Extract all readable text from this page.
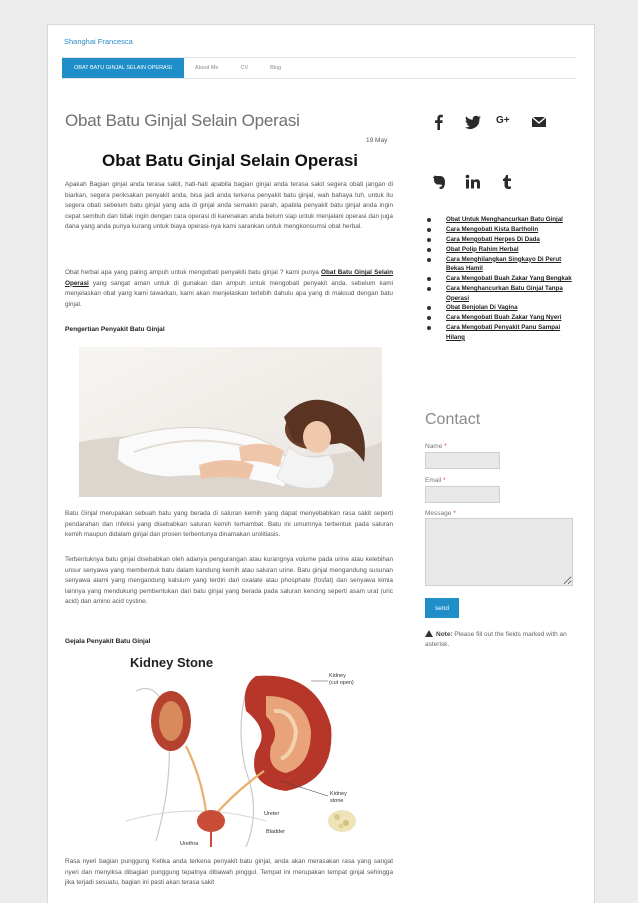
Shanghai Francesca
OBAT BATU GINJAL SELAIN OPERASI	About Me	CV	Blog
Obat Batu Ginjal Selain Operasi
19 May
Obat Batu Ginjal Selain Operasi

Apakah Bagian ginjal anda terasa sakit, hati-hati apabila bagian ginjal anda terasa sakit segera obati jangan di biarkan, segera periksakan penyakit anda, bisa jadi anda terkena penyakit batu ginjal, wah bahaya tuh, untuk itu segera obati sebelum batu ginjal yang ada di ginjal anda semakin parah, apabila penyakit batu ginjal anda ingin cepat sembuh dan tidak ingin dengan cara operasi di karenakan anda belum siap untuk menjalani operasi dan juga dana yang anda punya kurang untuk biaya operasi-nya kami sarankan untuk mengkonsumsi obat herbal.

Obat herbal apa yang paling ampuh untuk mengobati penyakiti batu ginjal ? kami punya Obat Batu Ginjal Selain Operasi yang sangat aman untuk di gunakan dan ampuh untuk mengobati penyakit anda. sebelum kami menjelaskan obat yang kami tawarkan, kami akan menjelaskan terlebih dahulu apa yang di maksud dengan batu ginjal.

Pengertian Penyakit Batu Ginjal

Batu Ginjal merupakan sebuah batu yang berada di saluran kemih yang dapat menyebabkan rasa sakit seperti pendarahan dan infeksi yang disebabkan saluran kemih terhambat. Batu ini umumnya terbentuk pada saluran kemih maupun didalam ginjal dan prosen terbentunya dinamakan urolitiasis.

Terbentuknya batu ginjal disebabkan oleh adanya pengurangan atau kurangnya volume pada urine atau kelebihan unsur senyawa yang membentuk batu dalam kandung kemih atau saluran urine. Batu ginjal mengandung susunan senyawa alami yang mengandung kalsium yang terdiri dari oxalate atau phosphate (fosfat) dan senyawa kimia lainnya yang mendukung pembentukan dari batu ginjal yang berada pada saluran kencing seperti asam urat (uric acid) dan amino acid cystine.

Gejala Penyakit Batu Ginjal
Kidney Stone
Kidney
(cut open)
Kidney
stone
Ureter
Bladder
Urethra

Rasa nyeri bagian punggung Ketika anda terkena penyakit batu ginjal, anda akan merasakan rasa yang sangat nyeri dan menyiksa dibagian punggung tepatnya dibawah pinggul. Tempat ini merupakan tempat ginjal sehingga jika terjadi sesuatu, bagian ini pasti akan terasa sakit

G+
Obat Untuk Menghancurkan Batu Ginjal
Cara Mengobati Kista Bartholin
Cara Mengobati Herpes Di Dada
Obat Polip Rahim Herbal
Cara Menghilangkan Singkayo Di Perut Bekas Hamil
Cara Mengobati Buah Zakar Yang Bengkak
Cara Menghancurkan Batu Ginjal Tanpa Operasi
Obat Benjolan Di Vagina
Cara Mengobati Buah Zakar Yang Nyeri
Cara Mengobati Penyakit Panu Sampai Hilang
Contact
Name *
Email *
Message *
send
Note: Please fill out the fields marked with an asterisk.
